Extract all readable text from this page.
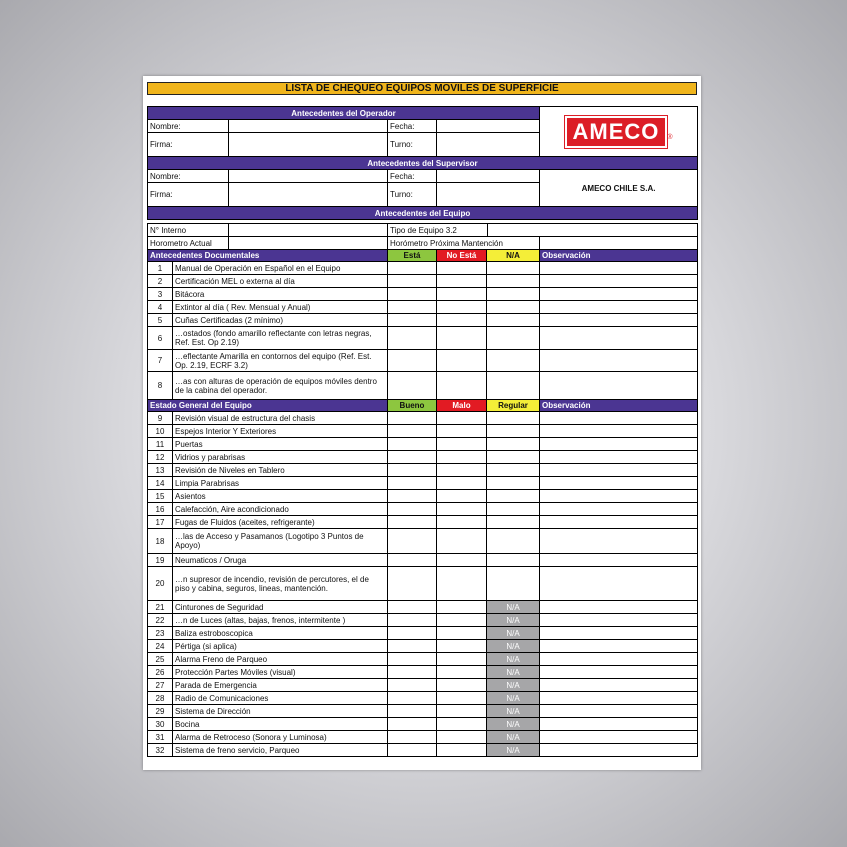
LISTA DE CHEQUEO EQUIPOS MOVILES DE SUPERFICIE
Antecedentes del Operador				AMECO ®
Nombre:		Fecha:		
Firma:		Turno:		
Antecedentes del Supervisor				
Nombre:		Fecha:		AMECO CHILE S.A.
Firma:		Turno:		
Antecedentes del Equipo				
N° Interno		Tipo de Equipo 3.2		
Horometro Actual		Horómetro Próxima Mantención		
Antecedentes Documentales		Está	No Está	N/A	Observación
1	Manual de Operación en Español en el Equipo				
2	Certificación MEL o externa al día				
3	Bitácora				
4	Extintor al día ( Rev. Mensual y Anual)				
5	Cuñas Certificadas (2 mínimo)				
6	…ostados (fondo amarillo reflectante con letras negras, Ref. Est. Op 2.19)				
7	…eflectante Amarilla en contornos del equipo (Ref. Est. Op. 2.19, ECRF 3.2)				
8	…as con alturas de operación de equipos móviles dentro de la cabina del operador.				
Estado General del Equipo		Bueno	Malo	Regular	Observación
9	Revisión visual de estructura del chasis				
10	Espejos Interior Y Exteriores				
11	Puertas				
12	Vidrios y parabrisas				
13	Revisión de Niveles en Tablero				
14	Limpia Parabrisas				
15	Asientos				
16	Calefacción, Aire acondicionado				
17	Fugas de Fluidos (aceites, refrigerante)				
18	…las de Acceso y Pasamanos (Logotipo 3 Puntos de Apoyo)				
19	Neumaticos / Oruga				
20	…n supresor de incendio, revisión de percutores, el de piso y cabina, seguros, lineas, mantención.				
21	Cinturones de Seguridad			N/A	
22	…n de Luces (altas, bajas, frenos, intermitente )			N/A	
23	Baliza estroboscopica			N/A	
24	Pértiga (si aplica)			N/A	
25	Alarma Freno de Parqueo			N/A	
26	Protección Partes Móviles (visual)			N/A	
27	Parada de Emergencia			N/A	
28	Radio de Comunicaciones			N/A	
29	Sistema de Dirección			N/A	
30	Bocina			N/A	
31	Alarma de Retroceso (Sonora y Luminosa)			N/A	
32	Sistema de freno servicio, Parqueo			N/A	
